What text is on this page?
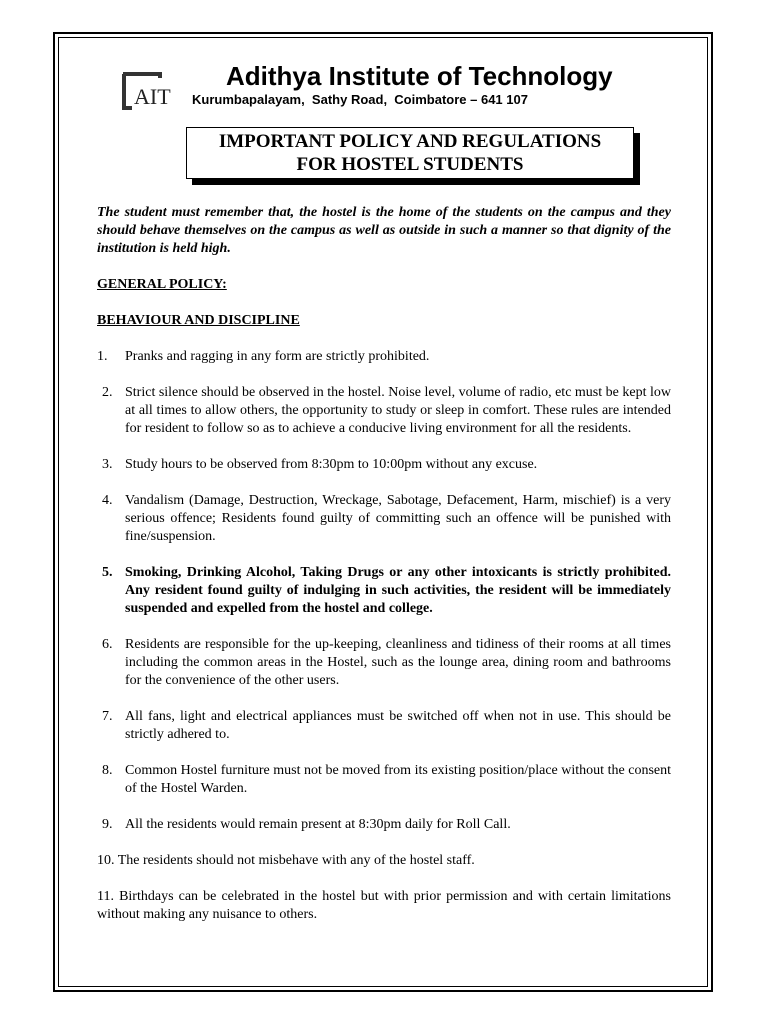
AIT
Adithya Institute of Technology
Kurumbapalayam,  Sathy Road,  Coimbatore – 641 107
IMPORTANT POLICY AND REGULATIONS
FOR HOSTEL STUDENTS

The student must remember that, the hostel is the home of the students on the campus and they should behave themselves on the campus as well as outside in such a manner so that dignity of the institution is held high.

GENERAL POLICY:
BEHAVIOUR AND DISCIPLINE
1.	Pranks and ragging in any form are strictly prohibited.
2. Strict silence should be observed in the hostel. Noise level, volume of radio, etc must be kept low at all times to allow others, the opportunity to study or sleep in comfort. These rules are intended for resident to follow so as to achieve a conducive living environment for all the residents.
3. Study hours to be observed from 8:30pm to 10:00pm without any excuse.
4. Vandalism (Damage, Destruction, Wreckage, Sabotage, Defacement, Harm, mischief) is a very serious offence; Residents found guilty of committing such an offence will be punished with fine/suspension.
5. Smoking, Drinking Alcohol, Taking Drugs or any other intoxicants is strictly prohibited. Any resident found guilty of indulging in such activities, the resident will be immediately suspended and expelled from the hostel and college.
6. Residents are responsible for the up-keeping, cleanliness and tidiness of their rooms at all times including the common areas in the Hostel, such as the lounge area, dining room and bathrooms for the convenience of the other users.
7. All fans, light and electrical appliances must be switched off when not in use. This should be strictly adhered to.
8. Common Hostel furniture must not be moved from its existing position/place without the consent of the Hostel Warden.
9. All the residents would remain present at 8:30pm daily for Roll Call.

10. The residents should not misbehave with any of the hostel staff.

11. Birthdays can be celebrated in the hostel but with prior permission and with certain limitations without making any nuisance to others.
